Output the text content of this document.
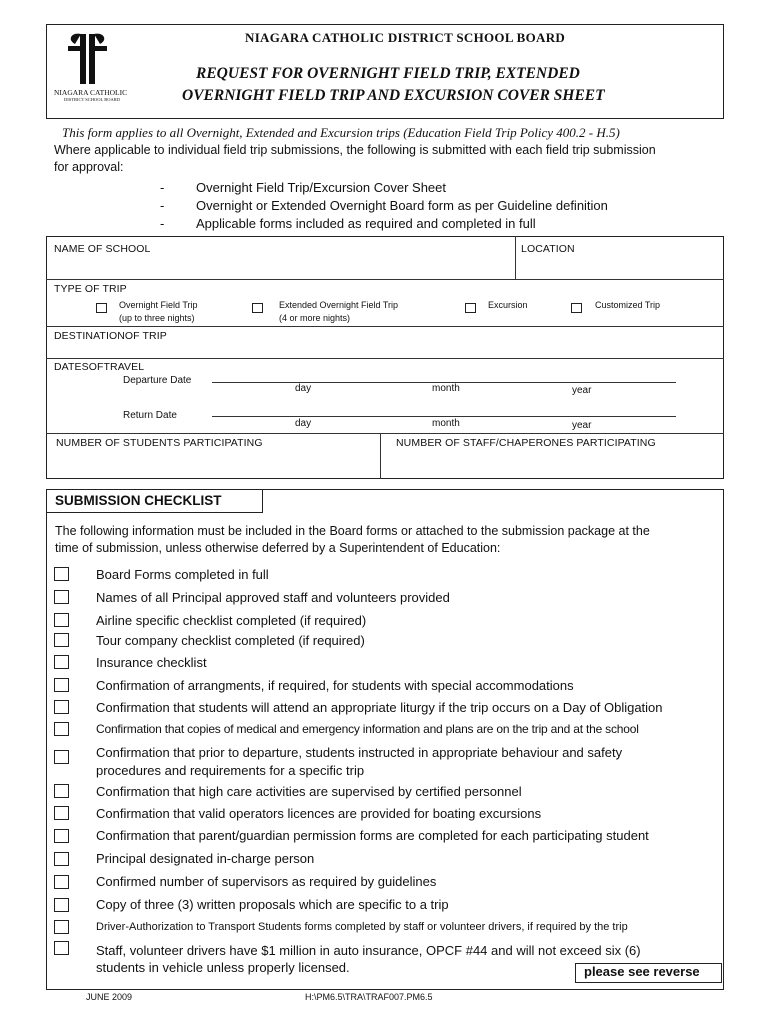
NIAGARA CATHOLIC
DISTRICT SCHOOL BOARD
NIAGARA CATHOLIC DISTRICT SCHOOL BOARD
REQUEST FOR OVERNIGHT FIELD TRIP, EXTENDED
OVERNIGHT FIELD TRIP AND EXCURSION COVER SHEET
This form applies to all Overnight, Extended and Excursion trips (Education Field Trip Policy 400.2 - H.5)
Where applicable to individual field trip submissions, the following is submitted with each field trip submission
for approval:
- Overnight Field Trip/Excursion Cover Sheet
- Overnight or Extended Overnight Board form as per Guideline definition
- Applicable forms included as required and completed in full
NAME OF SCHOOL	LOCATION
TYPE OF TRIP
Overnight Field Trip
(up to three nights)
Extended Overnight Field Trip
(4 or more nights)
Excursion	Customized Trip
DESTINATIONOF TRIP
DATESOFTRAVEL
Departure Date
day	month	year
Return Date
day	month	year
NUMBER OF STUDENTS PARTICIPATING	NUMBER OF STAFF/CHAPERONES PARTICIPATING
SUBMISSION CHECKLIST
The following information must be included in the Board forms or attached to the submission package at the
time of submission, unless otherwise deferred by a Superintendent of Education:
Board Forms completed in full
Names of all Principal approved staff and volunteers provided
Airline specific checklist completed (if required)
Tour company checklist completed (if required)
Insurance checklist
Confirmation of arrangments, if required, for students with special accommodations
Confirmation that students will attend an appropriate liturgy if the trip occurs on a Day of Obligation
Confirmation that copies of medical and emergency information and plans are on the trip and at the school
Confirmation that prior to departure, students instructed in appropriate behaviour and safety
procedures and requirements for a specific trip
Confirmation that high care activities are supervised by certified personnel
Confirmation that valid operators licences are provided for boating excursions
Confirmation that parent/guardian permission forms are completed for each participating student
Principal designated in-charge person
Confirmed number of supervisors as required by guidelines
Copy of three (3) written proposals which are specific to a trip
Driver-Authorization to Transport Students forms completed by staff or volunteer drivers, if required by the trip
Staff, volunteer drivers have $1 million in auto insurance, OPCF #44 and will not exceed six (6)
students in vehicle unless properly licensed.	please see reverse
JUNE 2009	H:\PM6.5\TRA\TRAF007.PM6.5
